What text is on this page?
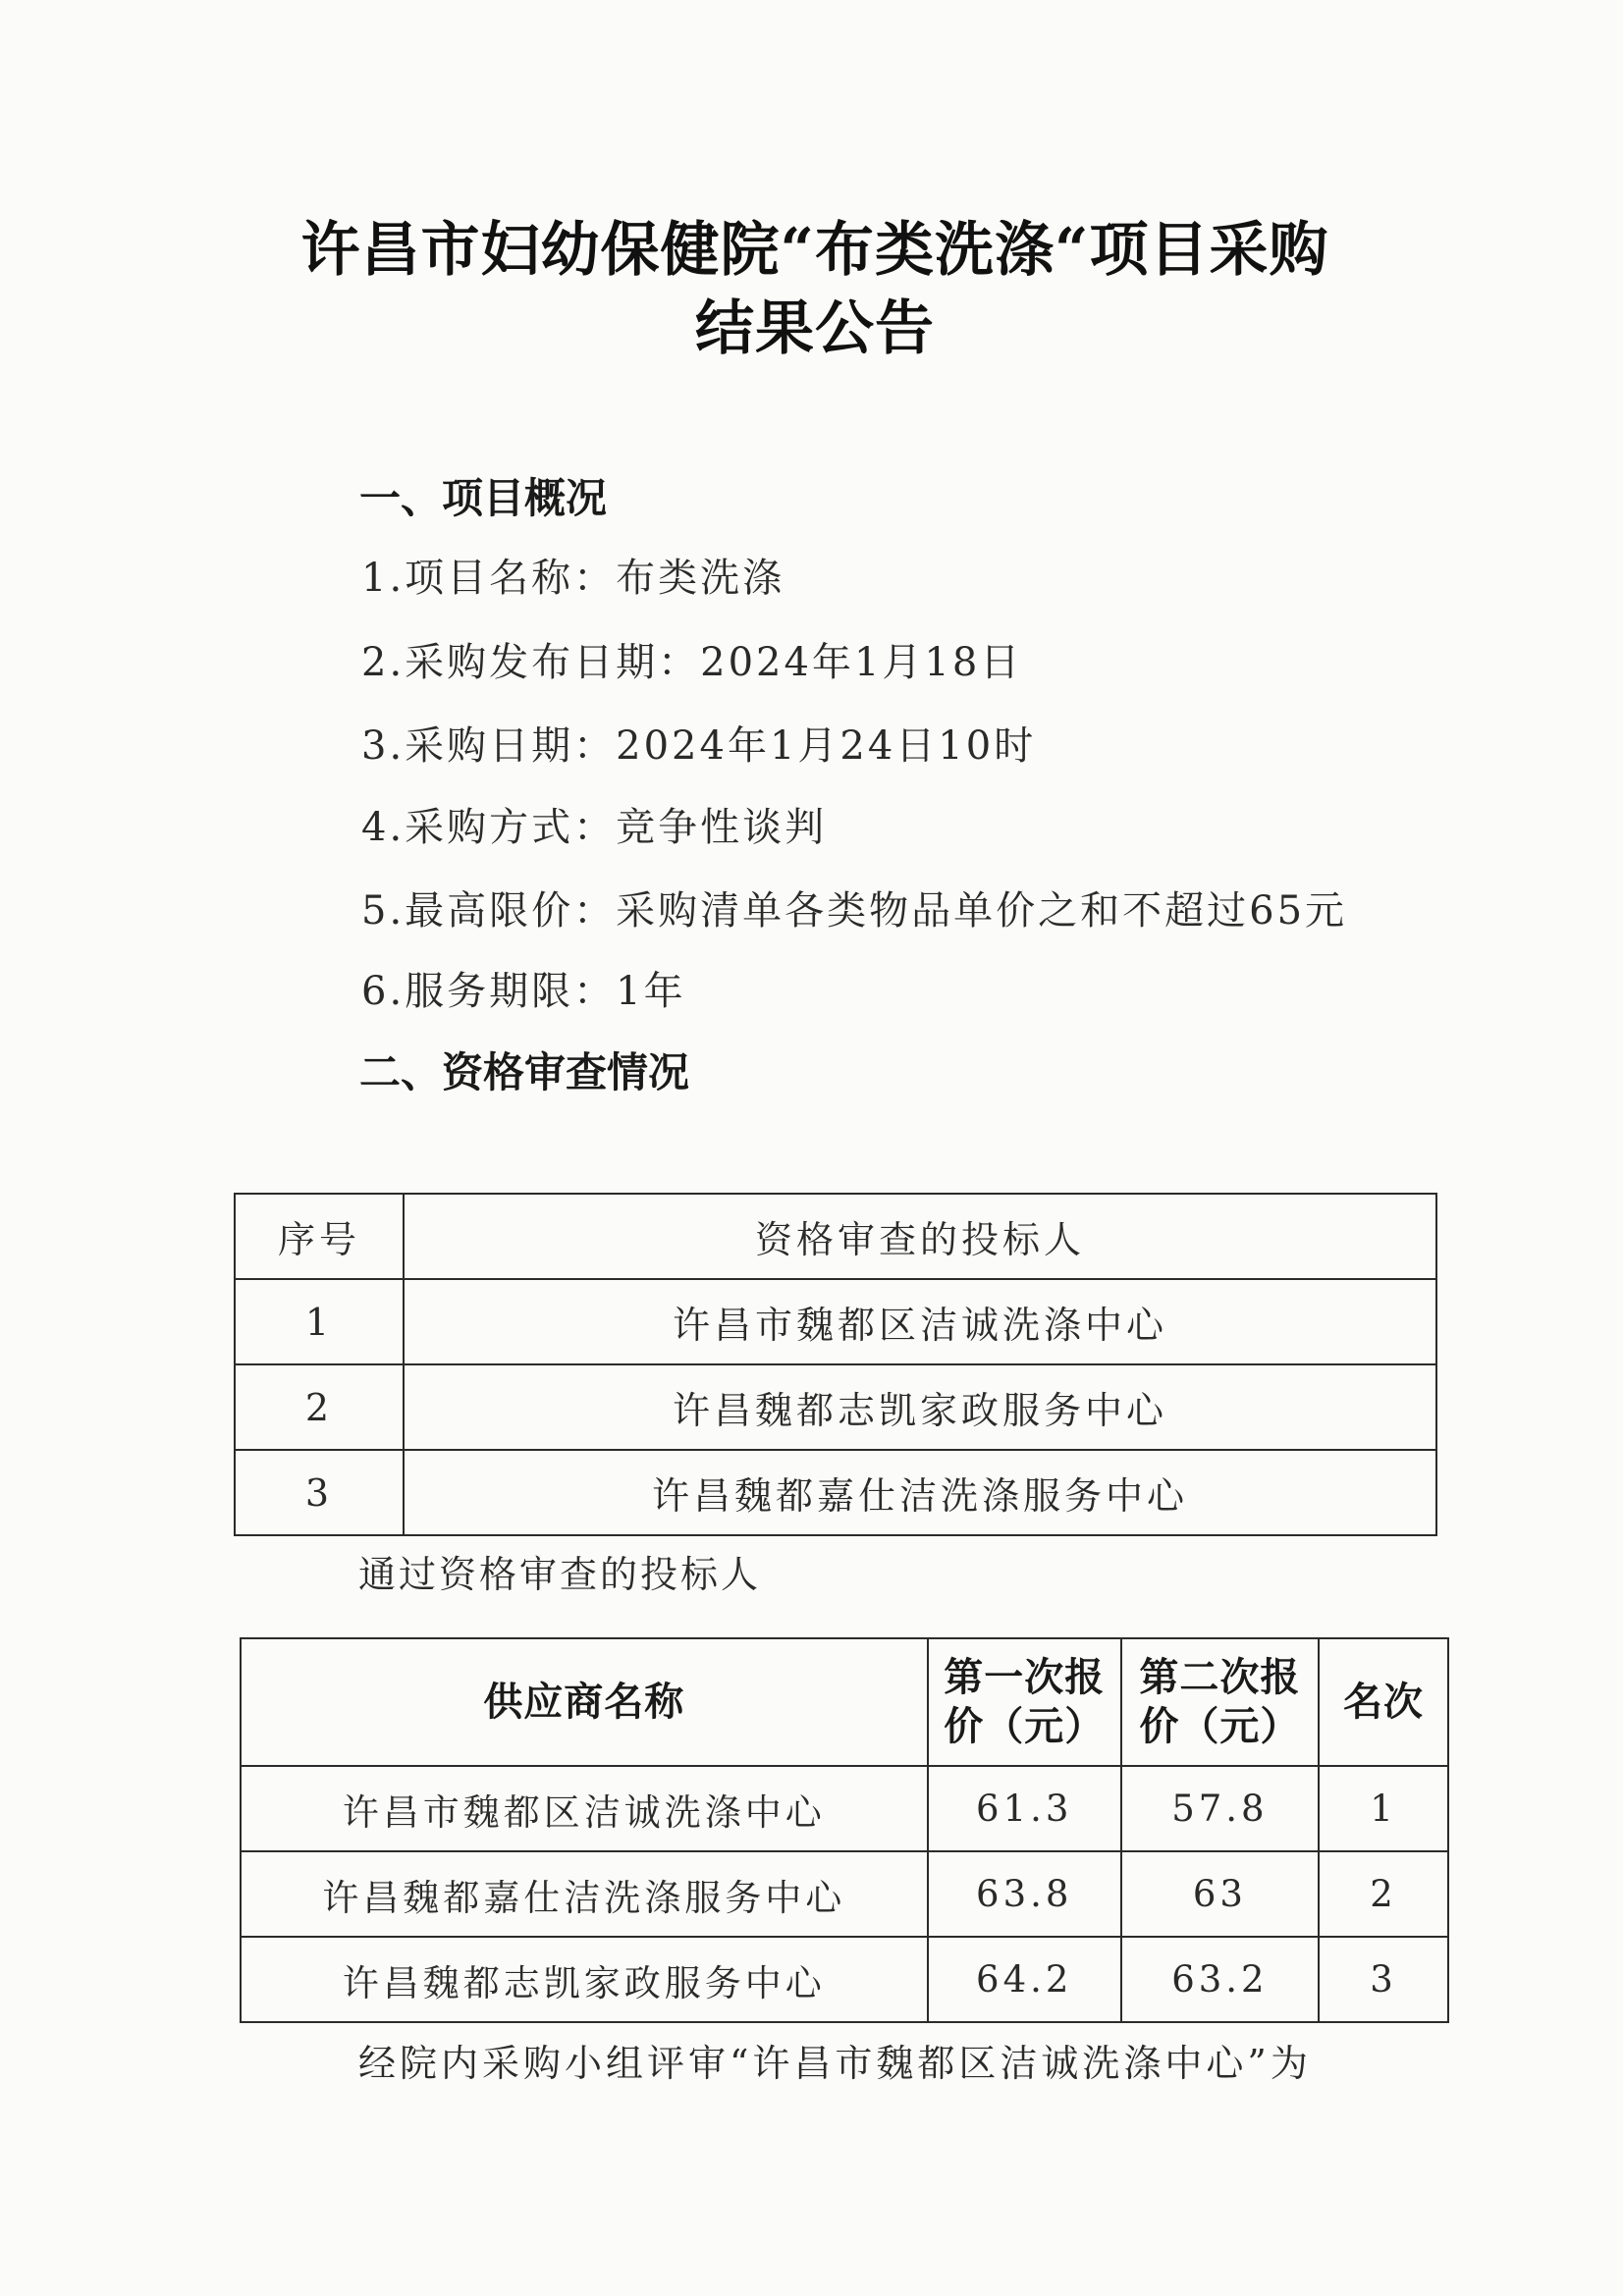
许昌市妇幼保健院“布类洗涤“项目采购
结果公告
一、项目概况

1.项目名称：布类洗涤

2.采购发布日期：2024年1月18日

3.采购日期：2024年1月24日10时

4.采购方式：竞争性谈判

5.最高限价：采购清单各类物品单价之和不超过65元

6.服务期限：1年

二、资格审查情况
序号	资格审查的投标人
1	许昌市魏都区洁诚洗涤中心
2	许昌魏都志凯家政服务中心
3	许昌魏都嘉仕洁洗涤服务中心

通过资格审查的投标人

供应商名称	第一次报价（元）	第二次报价（元）	名次
许昌市魏都区洁诚洗涤中心	61.3	57.8	1
许昌魏都嘉仕洁洗涤服务中心	63.8	63	2
许昌魏都志凯家政服务中心	64.2	63.2	3

经院内采购小组评审“许昌市魏都区洁诚洗涤中心”为
